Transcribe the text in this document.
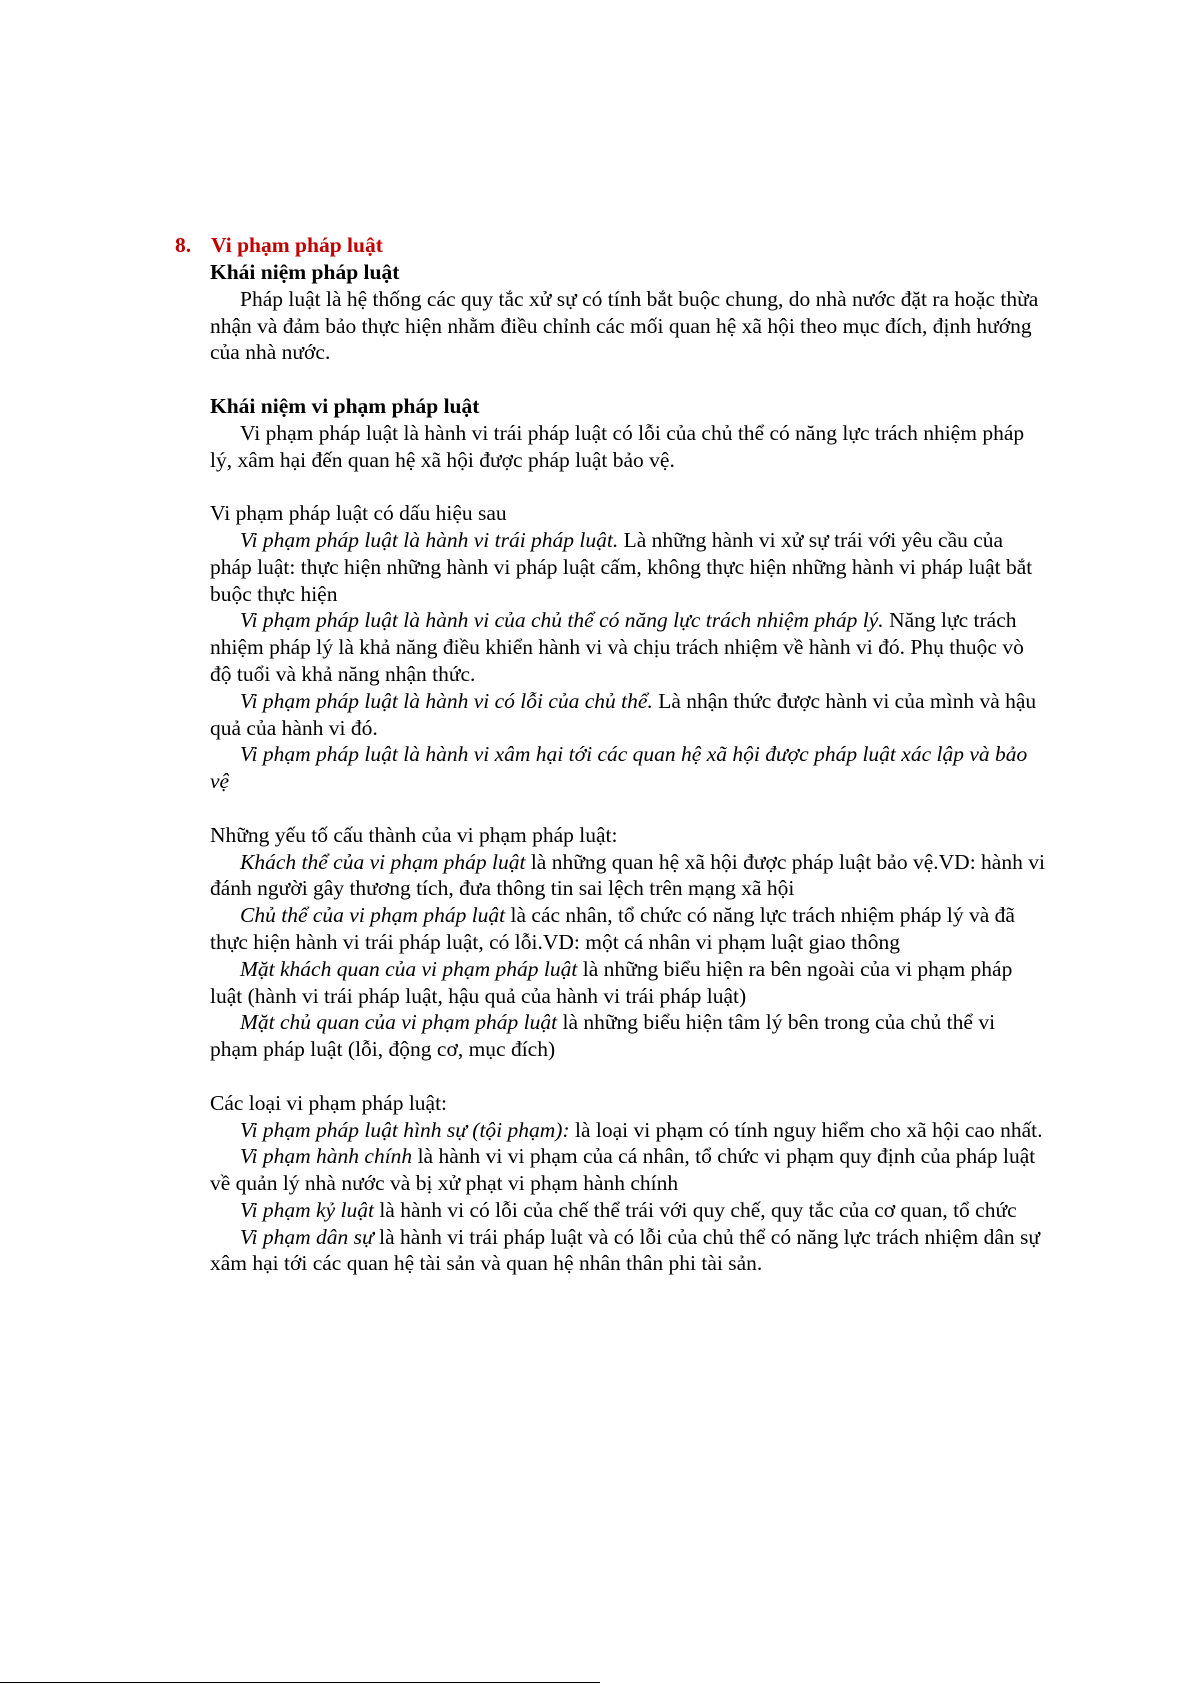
8. Vi phạm pháp luật

Khái niệm pháp luật

Pháp luật là hệ thống các quy tắc xử sự có tính bắt buộc chung, do nhà nước đặt ra hoặc thừa nhận và đảm bảo thực hiện nhằm điều chỉnh các mối quan hệ xã hội theo mục đích, định hướng của nhà nước.

Khái niệm vi phạm pháp luật

Vi phạm pháp luật là hành vi trái pháp luật có lỗi của chủ thể có năng lực trách nhiệm pháp lý, xâm hại đến quan hệ xã hội được pháp luật bảo vệ.

Vi phạm pháp luật có dấu hiệu sau

Vi phạm pháp luật là hành vi trái pháp luật. Là những hành vi xử sự trái với yêu cầu của pháp luật: thực hiện những hành vi pháp luật cấm, không thực hiện những hành vi pháp luật bắt buộc thực hiện

Vi phạm pháp luật là hành vi của chủ thể có năng lực trách nhiệm pháp lý. Năng lực trách nhiệm pháp lý là khả năng điều khiển hành vi và chịu trách nhiệm về hành vi đó. Phụ thuộc vò độ tuổi và khả năng nhận thức.

Vi phạm pháp luật là hành vi có lỗi của chủ thể. Là nhận thức được hành vi của mình và hậu quả của hành vi đó.

Vi phạm pháp luật là hành vi xâm hại tới các quan hệ xã hội được pháp luật xác lập và bảo vệ

Những yếu tố cấu thành của vi phạm pháp luật:

Khách thể của vi phạm pháp luật là những quan hệ xã hội được pháp luật bảo vệ.VD: hành vi đánh người gây thương tích, đưa thông tin sai lệch trên mạng xã hội

Chủ thể của vi phạm pháp luật là các nhân, tổ chức có năng lực trách nhiệm pháp lý và đã thực hiện hành vi trái pháp luật, có lỗi.VD: một cá nhân vi phạm luật giao thông

Mặt khách quan của vi phạm pháp luật là những biểu hiện ra bên ngoài của vi phạm pháp luật (hành vi trái pháp luật, hậu quả của hành vi trái pháp luật)

Mặt chủ quan của vi phạm pháp luật là những biểu hiện tâm lý bên trong của chủ thể vi phạm pháp luật (lỗi, động cơ, mục đích)

Các loại vi phạm pháp luật:

Vi phạm pháp luật hình sự (tội phạm): là loại vi phạm có tính nguy hiểm cho xã hội cao nhất.

Vi phạm hành chính là hành vi vi phạm của cá nhân, tổ chức vi phạm quy định của pháp luật về quản lý nhà nước và bị xử phạt vi phạm hành chính

Vi phạm kỷ luật là hành vi có lỗi của chế thể trái với quy chế, quy tắc của cơ quan, tổ chức

Vi phạm dân sự là hành vi trái pháp luật và có lỗi của chủ thể có năng lực trách nhiệm dân sự xâm hại tới các quan hệ tài sản và quan hệ nhân thân phi tài sản.
